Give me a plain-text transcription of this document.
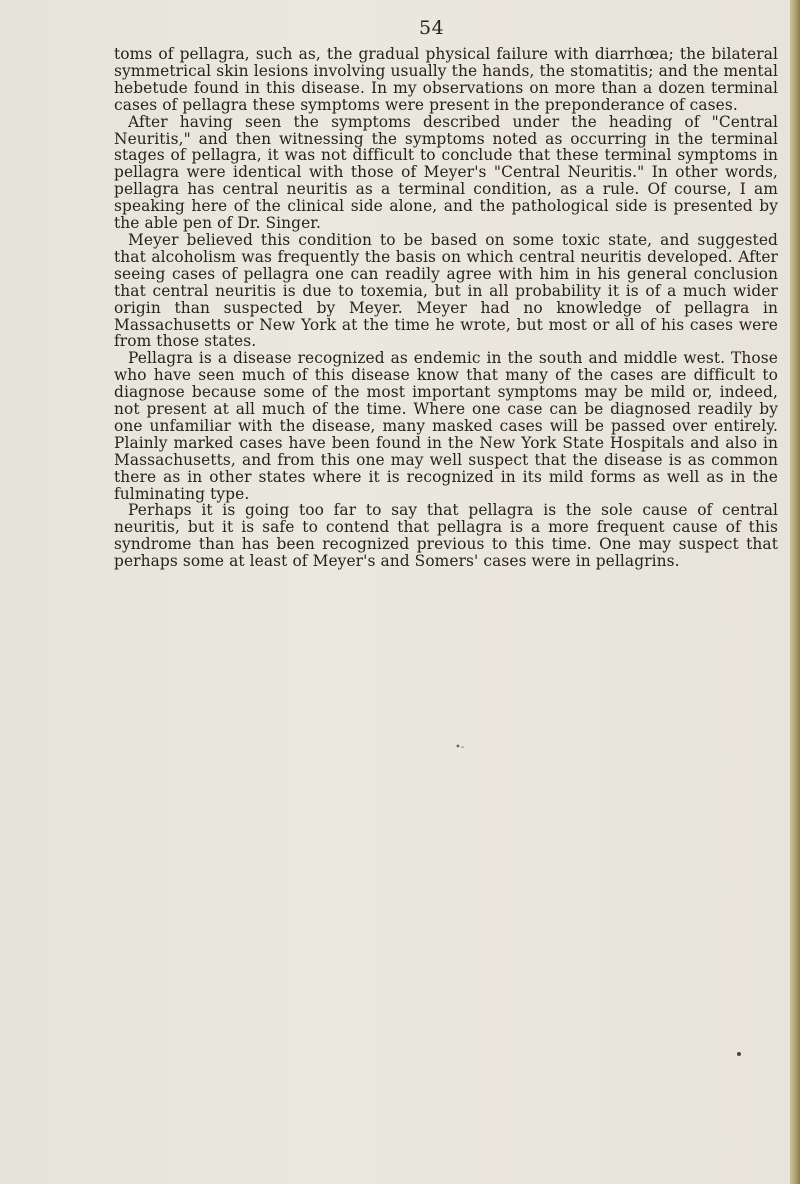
54

toms of pellagra, such as, the gradual physical failure with diarrhœa; the bilateral symmetrical skin lesions involving usually the hands, the stomatitis; and the mental hebetude found in this disease. In my observations on more than a dozen terminal cases of pellagra these symptoms were present in the preponderance of cases.

After having seen the symptoms described under the heading of "Central Neuritis," and then witnessing the symptoms noted as occurring in the terminal stages of pellagra, it was not difficult to conclude that these terminal symptoms in pellagra were identical with those of Meyer's "Central Neuritis." In other words, pellagra has central neuritis as a terminal condition, as a rule. Of course, I am speaking here of the clinical side alone, and the pathological side is presented by the able pen of Dr. Singer.

Meyer believed this condition to be based on some toxic state, and suggested that alcoholism was frequently the basis on which central neuritis developed. After seeing cases of pellagra one can readily agree with him in his general conclusion that central neuritis is due to toxemia, but in all probability it is of a much wider origin than suspected by Meyer. Meyer had no knowledge of pellagra in Massachusetts or New York at the time he wrote, but most or all of his cases were from those states.

Pellagra is a disease recognized as endemic in the south and middle west. Those who have seen much of this disease know that many of the cases are difficult to diagnose because some of the most important symptoms may be mild or, indeed, not present at all much of the time. Where one case can be diagnosed readily by one unfamiliar with the disease, many masked cases will be passed over entirely. Plainly marked cases have been found in the New York State Hospitals and also in Massachusetts, and from this one may well suspect that the disease is as common there as in other states where it is recognized in its mild forms as well as in the fulminating type.

Perhaps it is going too far to say that pellagra is the sole cause of central neuritis, but it is safe to contend that pellagra is a more frequent cause of this syndrome than has been recognized previous to this time. One may suspect that perhaps some at least of Meyer's and Somers' cases were in pellagrins.

•-
